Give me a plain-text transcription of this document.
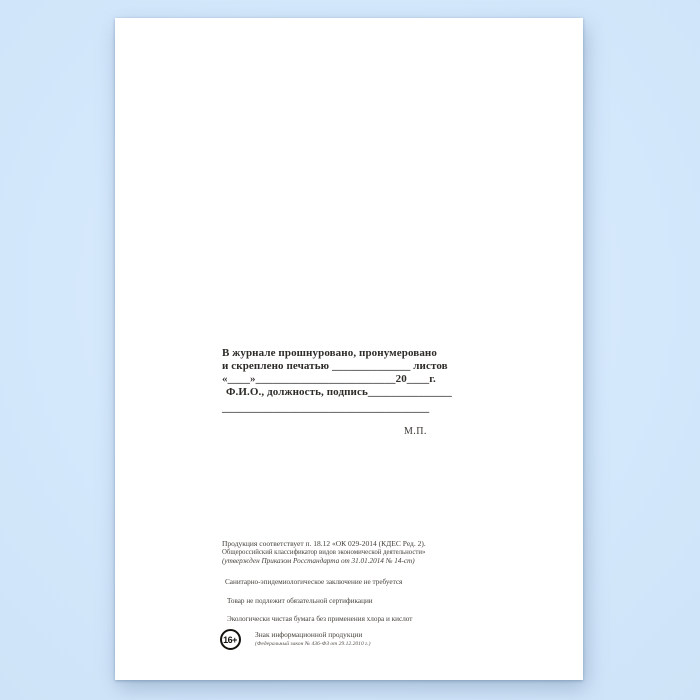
В журнале прошнуровано, пронумеровано
и скреплено печатью ______________ листов
«____»_________________________20____г.
Ф.И.О., должность, подпись_______________
_____________________________________
М.П.
Продукция соответствует п. 18.12 «ОК 029-2014 (КДЕС Ред. 2).
Общероссийский классификатор видов экономической деятельности»
(утвержден Приказом Росстандарта от 31.01.2014 № 14-ст)
Санитарно-эпидемиологическое заключение не требуется
Товар не подлежит обязательной сертификации
Экологически чистая бумага без применения хлора и кислот
16+	Знак информационной продукции
(Федеральный закон № 436-ФЗ от 29.12.2010 г.)
